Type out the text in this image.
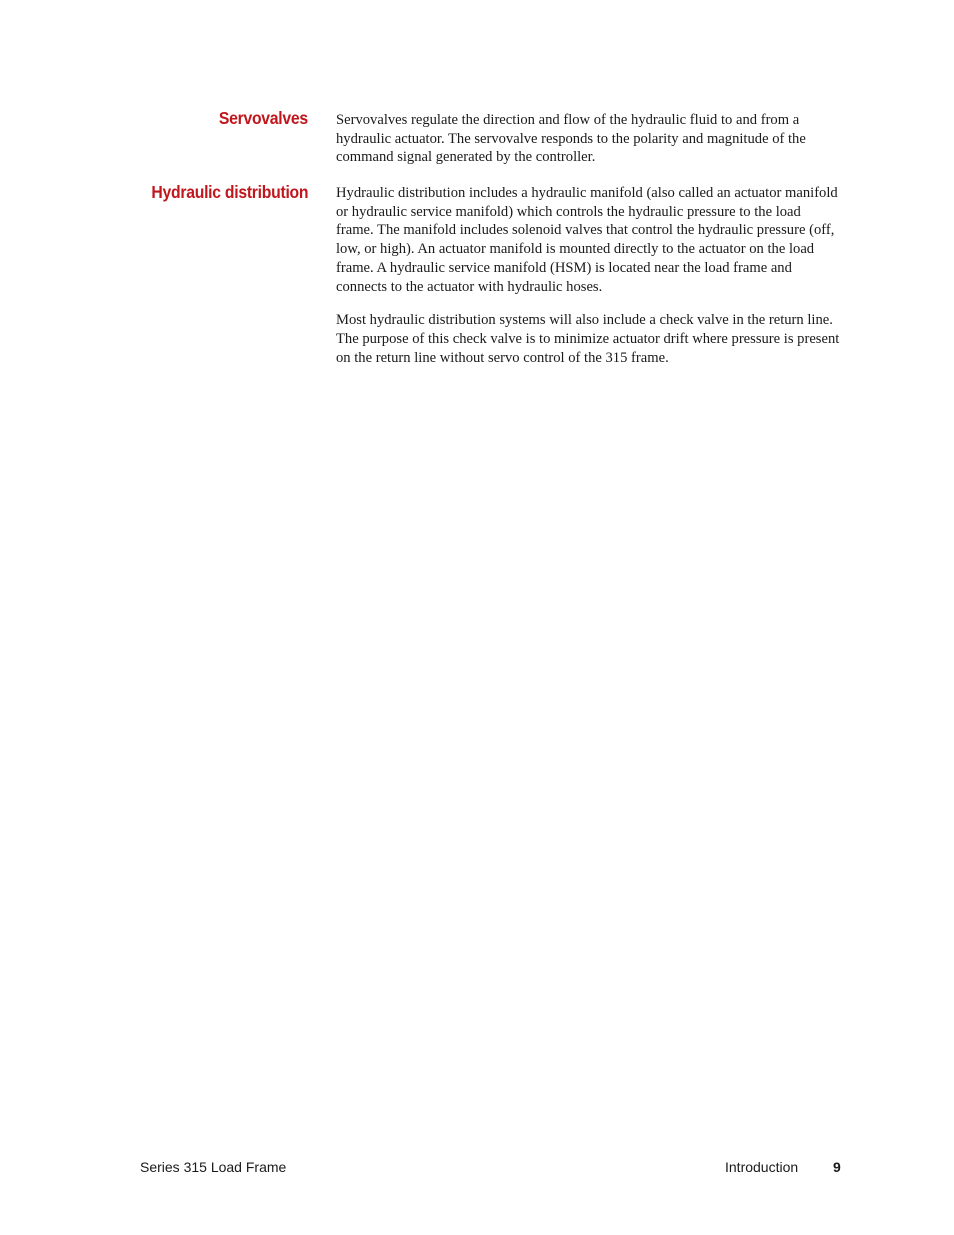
Servovalves Servovalves regulate the direction and flow of the hydraulic fluid to and from a hydraulic actuator. The servovalve responds to the polarity and magnitude of the command signal generated by the controller.

Hydraulic distribution Hydraulic distribution includes a hydraulic manifold (also called an actuator manifold or hydraulic service manifold) which controls the hydraulic pressure to the load frame. The manifold includes solenoid valves that control the hydraulic pressure (off, low, or high). An actuator manifold is mounted directly to the actuator on the load frame. A hydraulic service manifold (HSM) is located near the load frame and connects to the actuator with hydraulic hoses.

Most hydraulic distribution systems will also include a check valve in the return line. The purpose of this check valve is to minimize actuator drift where pressure is present on the return line without servo control of the 315 frame.

Series 315 Load Frame	Introduction 9
